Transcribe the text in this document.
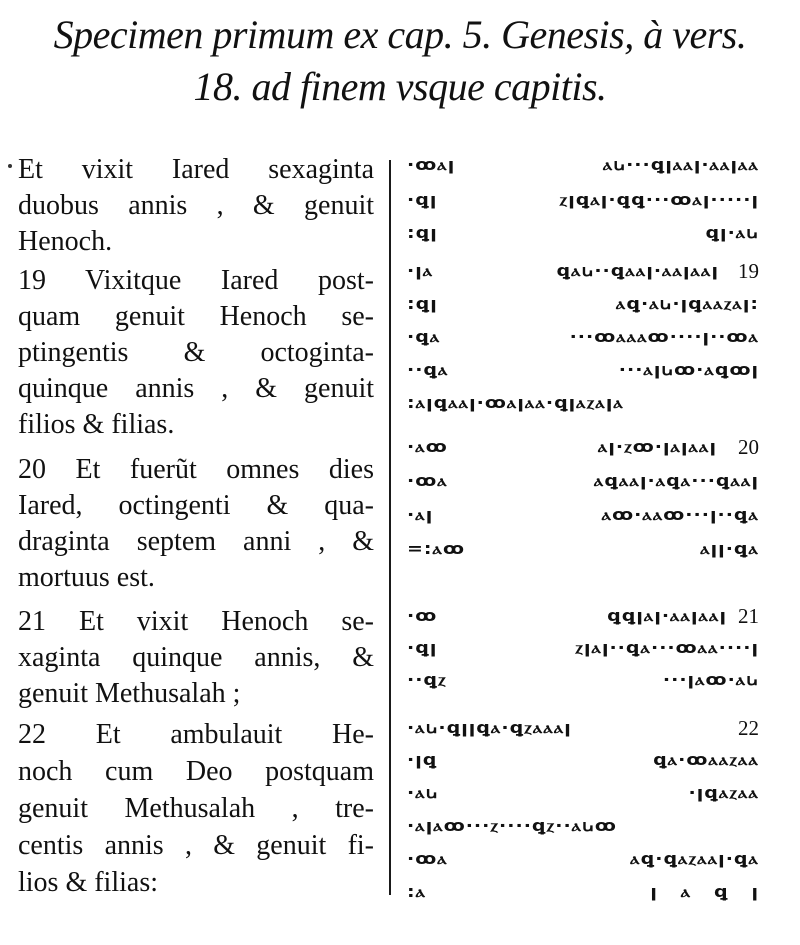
Specimen primum ex cap. 5. Genesis, à vers.
18. ad finem vsque capitis.
Et vixit Iared sexaginta
duobus annis , & genuit
Henoch.
19 Vixitque Iared post-
quam genuit Henoch se-
ptingentis & octoginta-
quinque annis , & genuit
filios & filias.
20 Et fuerũt omnes dies
Iared, octingenti & qua-
draginta septem anni , &
mortuus est.
21 Et vixit Henoch se-
xaginta quinque annis, &
genuit Methusalah ;
22 Et ambulauit He-
noch cum Deo postquam
genuit Methusalah , tre-
centis annis , & genuit fi-
lios & filias:
·ꝏⲁꞁ	ⲁꭎ···ꝗꞁⲁⲁꞁ·ⲁⲁꞁⲁⲁ
·ꝗꞁ	ⲍꞁꝗⲁꞁ·ꝗꝗ···ꝏⲁꞁ·····ꞁ
:ꝗꞁ	ꝗꞁ·ⲁꭎ
·ꞁⲁ	ꝗⲁꭎ··ꝗⲁⲁꞁ·ⲁⲁꞁⲁⲁꞁ 19
:ꝗꞁ	ⲁꝗ·ⲁꭎ·ꞁꝗⲁⲁⲍⲁꞁ:
·ꝗⲁ	···ꝏⲁⲁⲁꝏ····ꞁ··ꝏⲁ
··ꝗⲁ	···ⲁꞁꭎꝏ·ⲁꝗꝏꞁ
:ⲁꞁꝗⲁⲁꞁ·ꝏⲁꞁⲁⲁ·ꝗꞁⲁⲍⲁꞁⲁ
·ⲁꝏ	ⲁꞁ·ⲍꝏ·ꞁⲁꞁⲁⲁꞁ 20
·ꝏⲁ	ⲁꝗⲁⲁꞁ·ⲁꝗⲁ···ꝗⲁⲁꞁ
·ⲁꞁ	ⲁꝏ·ⲁⲁꝏ···ꞁ··ꝗⲁ
=:ⲁꝏ	ⲁꞁꞁ·ꝗⲁ
·ꝏ	ꝗꝗꞁⲁꞁ·ⲁⲁꞁⲁⲁꞁ 21
·ꝗꞁ	ⲍꞁⲁꞁ··ꝗⲁ···ꝏⲁⲁ····ꞁ
··ꝗⲍ	···ꞁⲁꝏ·ⲁꭎ
·ⲁꭎ·ꝗꞁꞁꝗⲁ·ꝗⲍⲁⲁⲁꞁ	22
·ꞁꝗ	ꝗⲁ·ꝏⲁⲁⲍⲁⲁ
·ⲁꭎ	·ꞁꝗⲁⲍⲁⲁ
·ⲁꞁⲁꝏ···ⲍ····ꝗⲍ··ⲁꭎꝏ
·ꝏⲁ	ⲁꝗ·ꝗⲁⲍⲁⲁꞁ·ꝗⲁ
:ⲁ	ꞁ   ⲁ   ꝗ   ꞁ
